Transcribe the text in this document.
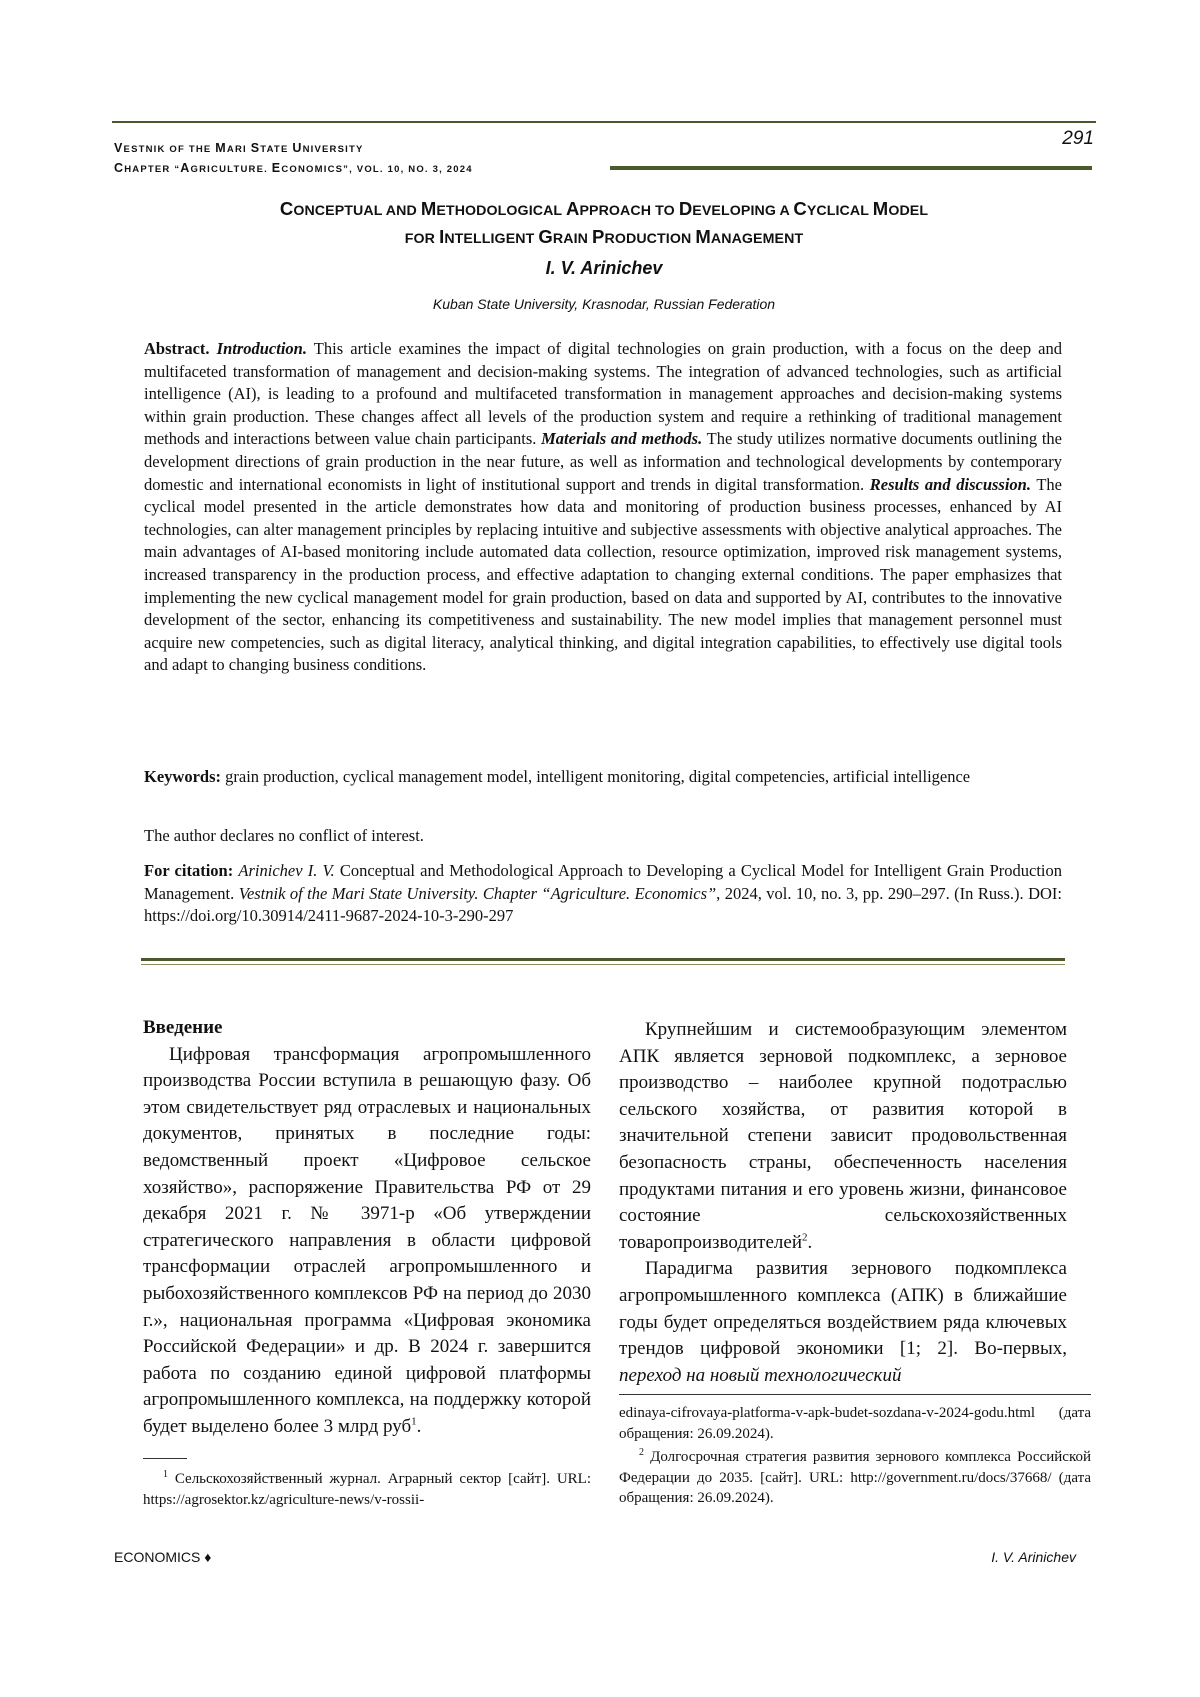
VESTNIK OF THE MARI STATE UNIVERSITY
CHAPTER “AGRICULTURE. ECONOMICS”, VOL. 10, NO. 3, 2024
291
CONCEPTUAL AND METHODOLOGICAL APPROACH TO DEVELOPING A CYCLICAL MODEL
FOR INTELLIGENT GRAIN PRODUCTION MANAGEMENT
I. V. Arinichev
Kuban State University, Krasnodar, Russian Federation
Abstract. Introduction. This article examines the impact of digital technologies on grain production, with a focus on the deep and multifaceted transformation of management and decision-making systems. The integration of advanced technologies, such as artificial intelligence (AI), is leading to a profound and multifaceted transformation in management approaches and decision-making systems within grain production. These changes affect all levels of the production system and require a rethinking of traditional management methods and interactions between value chain participants. Materials and methods. The study utilizes normative documents outlining the development directions of grain production in the near future, as well as information and technological developments by contemporary domestic and international economists in light of institutional support and trends in digital transformation. Results and discussion. The cyclical model presented in the article demonstrates how data and monitoring of production business processes, enhanced by AI technologies, can alter management principles by replacing intuitive and subjective assessments with objective analytical approaches. The main advantages of AI-based monitoring include automated data collection, resource optimization, improved risk management systems, increased transparency in the production process, and effective adaptation to changing external conditions. The paper emphasizes that implementing the new cyclical management model for grain production, based on data and supported by AI, contributes to the innovative development of the sector, enhancing its competitiveness and sustainability. The new model implies that management personnel must acquire new competencies, such as digital literacy, analytical thinking, and digital integration capabilities, to effectively use digital tools and adapt to changing business conditions.
Keywords: grain production, cyclical management model, intelligent monitoring, digital competencies, artificial intelligence
The author declares no conflict of interest.
For citation: Arinichev I. V. Conceptual and Methodological Approach to Developing a Cyclical Model for Intelligent Grain Production Management. Vestnik of the Mari State University. Chapter “Agriculture. Economics”, 2024, vol. 10, no. 3, pp. 290–297. (In Russ.). DOI: https://doi.org/10.30914/2411-9687-2024-10-3-290-297

Введение

Цифровая трансформация агропромышленного производства России вступила в решающую фазу. Об этом свидетельствует ряд отраслевых и национальных документов, принятых в последние годы: ведомственный проект «Цифровое сельское хозяйство», распоряжение Правительства РФ от 29 декабря 2021 г. № 3971-р «Об утверждении стратегического направления в области цифровой трансформации отраслей агропромышленного и рыбохозяйственного комплексов РФ на период до 2030 г.», национальная программа «Цифровая экономика Российской Федерации» и др. В 2024 г. завершится работа по созданию единой цифровой платформы агропромышленного комплекса, на поддержку которой будет выделено более 3 млрд руб$^1$.

Крупнейшим и системообразующим элементом АПК является зерновой подкомплекс, а зерновое производство – наиболее крупной подотраслью сельского хозяйства, от развития которой в значительной степени зависит продовольственная безопасность страны, обеспеченность населения продуктами питания и его уровень жизни, финансовое состояние сельскохозяйственных товаропроизводителей$^2$.

Парадигма развития зернового подкомплекса агропромышленного комплекса (АПК) в ближайшие годы будет определяться воздействием ряда ключевых трендов цифровой экономики [1; 2]. Во-первых, переход на новый технологический

$^1$ Сельскохозяйственный журнал. Аграрный сектор [сайт]. URL: https://agrosektor.kz/agriculture-news/v-rossii-
edinaya-cifrovaya-platforma-v-apk-budet-sozdana-v-2024-godu.html (дата обращения: 26.09.2024).
$^2$ Долгосрочная стратегия развития зернового комплекса Российской Федерации до 2035. [сайт]. URL: http://government.ru/docs/37668/ (дата обращения: 26.09.2024).
ECONOMICS ♦	I. V. Arinichev
